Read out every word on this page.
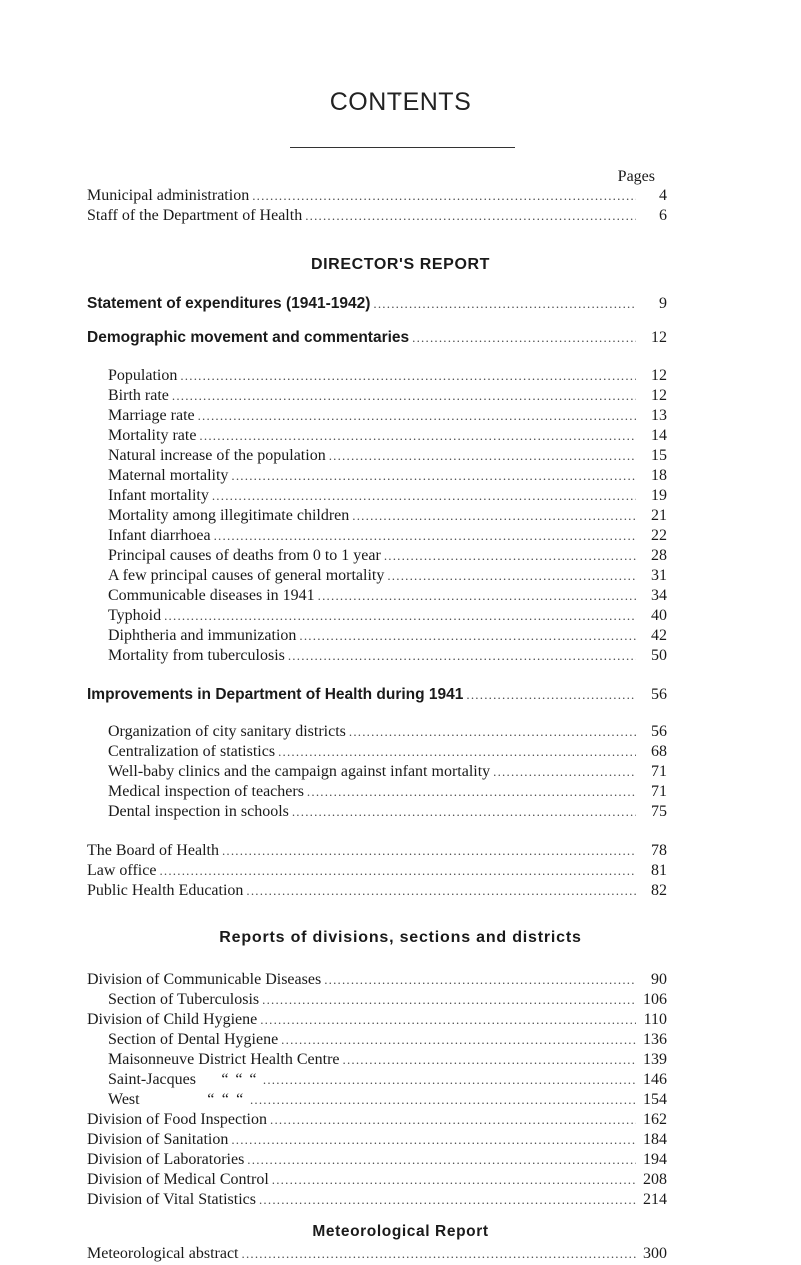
CONTENTS
Pages
Municipal administration .....	4
Staff of the Department of Health .....	6
DIRECTOR'S REPORT
Statement of expenditures (1941-1942) .....	9
Demographic movement and commentaries .....	12
Population .....	12
Birth rate .....	12
Marriage rate .....	13
Mortality rate .....	14
Natural increase of the population .....	15
Maternal mortality .....	18
Infant mortality .....	19
Mortality among illegitimate children .....	21
Infant diarrhoea .....	22
Principal causes of deaths from 0 to 1 year .....	28
A few principal causes of general mortality .....	31
Communicable diseases in 1941 .....	34
Typhoid .....	40
Diphtheria and immunization .....	42
Mortality from tuberculosis .....	50
Improvements in Department of Health during 1941 .....	56
Organization of city sanitary districts .....	56
Centralization of statistics .....	68
Well-baby clinics and the campaign against infant mortality .....	71
Medical inspection of teachers .....	71
Dental inspection in schools .....	75
The Board of Health .....	78
Law office .....	81
Public Health Education .....	82
Reports of divisions, sections and districts
Division of Communicable Diseases .....	90
Section of Tuberculosis .....	106
Division of Child Hygiene .....	110
Section of Dental Hygiene .....	136
Maisonneuve District Health Centre .....	139
Saint-Jacques “ “ “ .....	146
West	“ “ “ .....	154
Division of Food Inspection .....	162
Division of Sanitation .....	184
Division of Laboratories .....	194
Division of Medical Control .....	208
Division of Vital Statistics .....	214
Meteorological Report
Meteorological abstract .....	300
